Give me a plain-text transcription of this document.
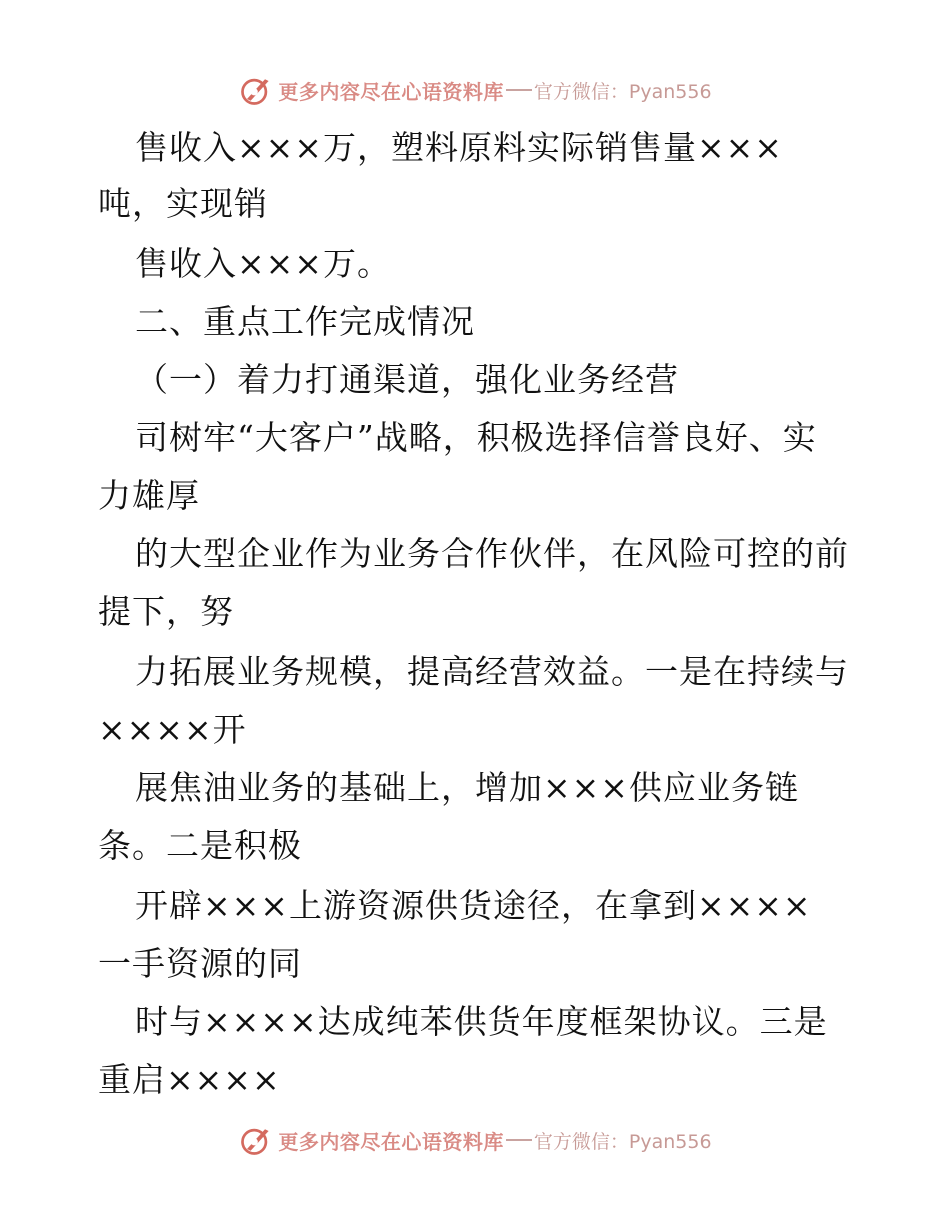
更多内容尽在心语资料库 官方微信：Pyan556
售收入×××万，塑料原料实际销售量×××
吨，实现销
售收入×××万。
二、重点工作完成情况
（一）着力打通渠道，强化业务经营
司树牢“大客户”战略，积极选择信誉良好、实
力雄厚
的大型企业作为业务合作伙伴，在风险可控的前
提下，努
力拓展业务规模，提高经营效益。一是在持续与
××××开
展焦油业务的基础上，增加×××供应业务链
条。二是积极
开辟×××上游资源供货途径，在拿到××××
一手资源的同
时与××××达成纯苯供货年度框架协议。三是
重启××××
更多内容尽在心语资料库 官方微信：Pyan556
